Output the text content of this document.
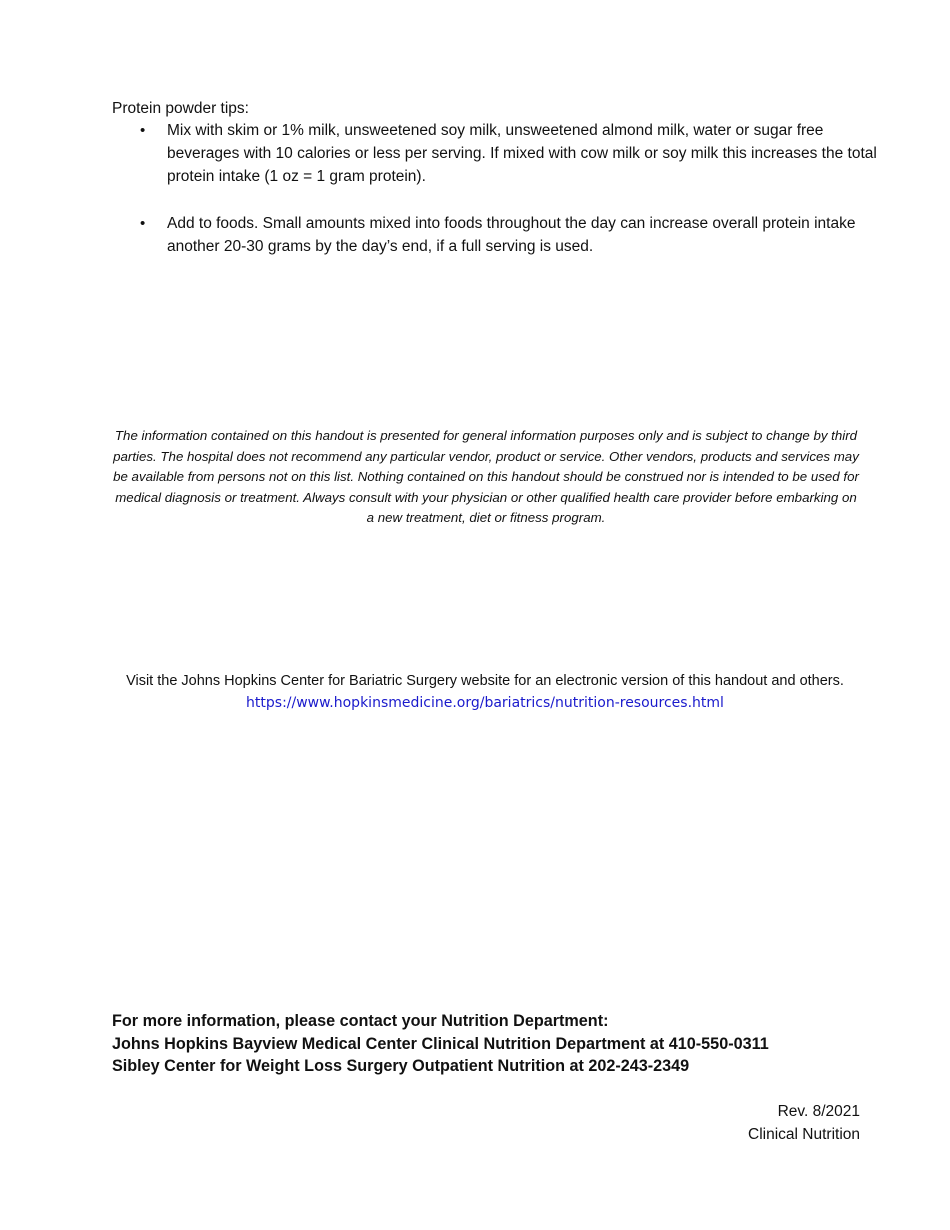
Protein powder tips:
• Mix with skim or 1% milk, unsweetened soy milk, unsweetened almond milk, water or sugar free beverages with 10 calories or less per serving. If mixed with cow milk or soy milk this increases the total protein intake (1 oz = 1 gram protein).
• Add to foods. Small amounts mixed into foods throughout the day can increase overall protein intake another 20-30 grams by the day’s end, if a full serving is used.
The information contained on this handout is presented for general information purposes only and is subject to change by third parties. The hospital does not recommend any particular vendor, product or service. Other vendors, products and services may be available from persons not on this list. Nothing contained on this handout should be construed nor is intended to be used for medical diagnosis or treatment. Always consult with your physician or other qualified health care provider before embarking on a new treatment, diet or fitness program.
Visit the Johns Hopkins Center for Bariatric Surgery website for an electronic version of this handout and others.
https://www.hopkinsmedicine.org/bariatrics/nutrition-resources.html
For more information, please contact your Nutrition Department:
Johns Hopkins Bayview Medical Center Clinical Nutrition Department at 410-550-0311
Sibley Center for Weight Loss Surgery Outpatient Nutrition at 202-243-2349
Rev. 8/2021
Clinical Nutrition
